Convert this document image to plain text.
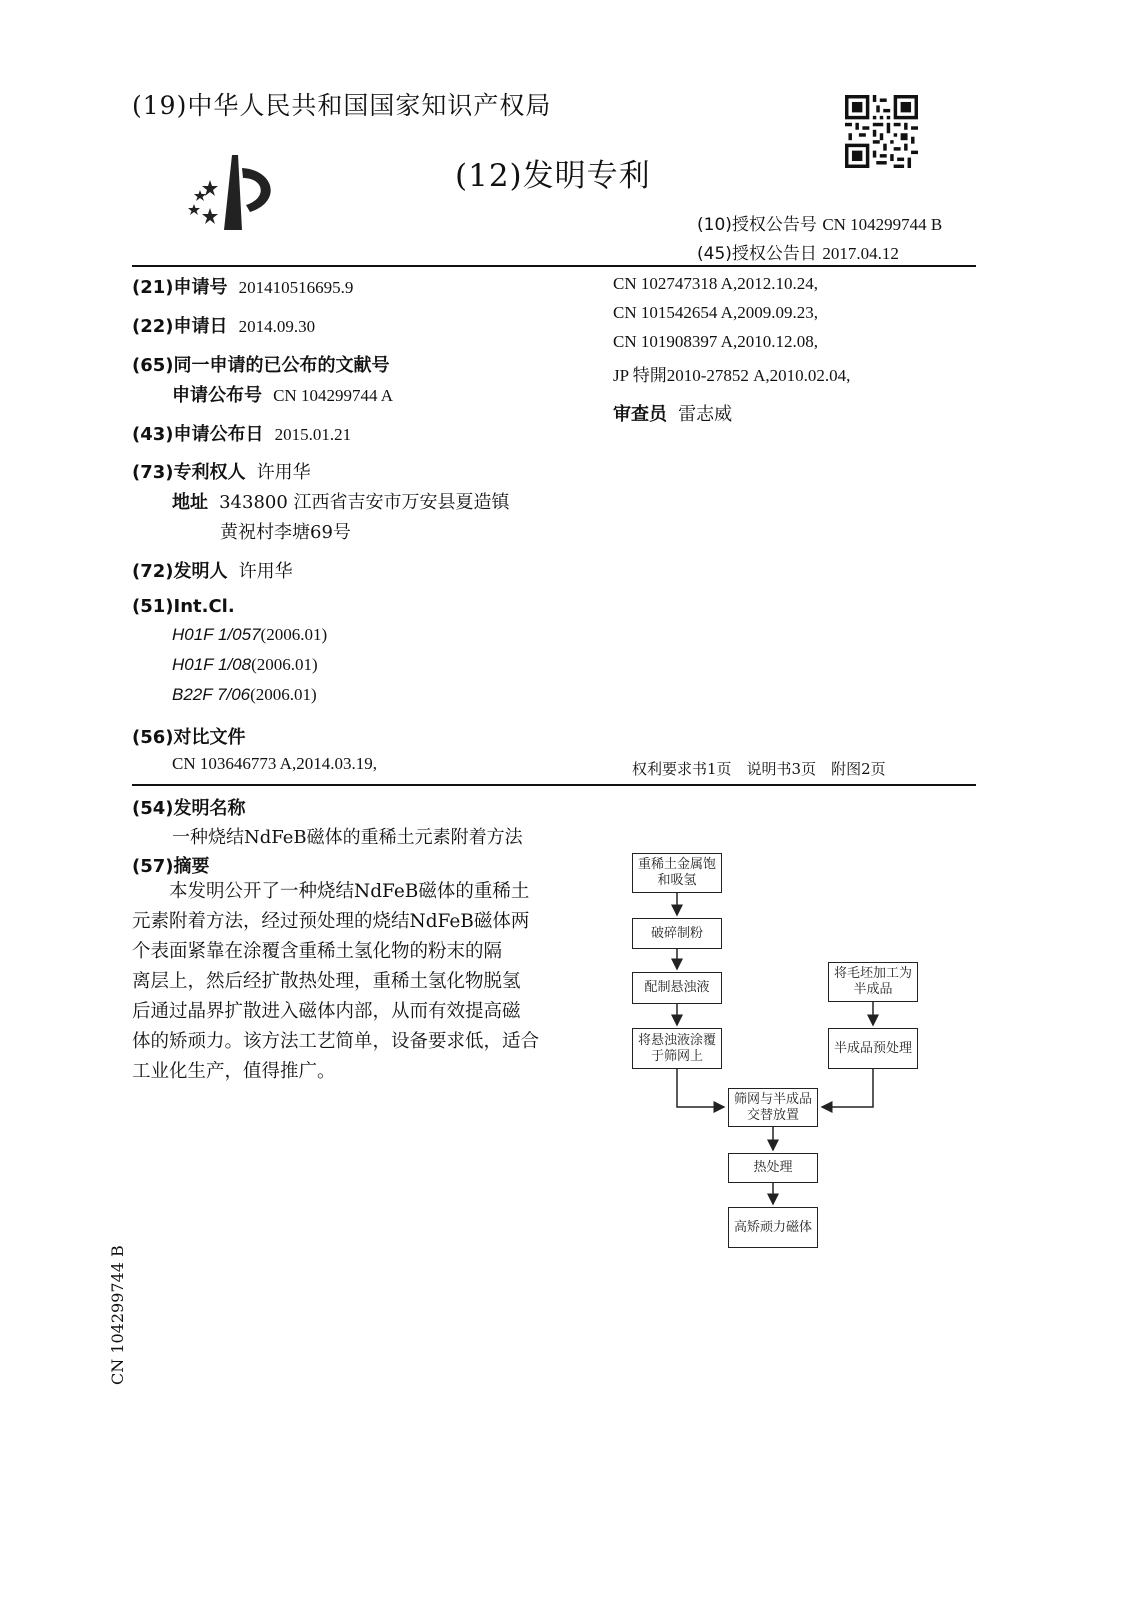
(19)中华人民共和国国家知识产权局
(12)发明专利
(10)授权公告号 CN 104299744 B
(45)授权公告日 2017.04.12
(21)申请号 201410516695.9
(22)申请日 2014.09.30
(65)同一申请的已公布的文献号
申请公布号 CN 104299744 A
(43)申请公布日 2015.01.21
(73)专利权人 许用华
地址 343800 江西省吉安市万安县夏造镇
黄祝村李塘69号
(72)发明人 许用华
(51)Int.Cl.
H01F 1/057(2006.01)
H01F 1/08(2006.01)
B22F 7/06(2006.01)
(56)对比文件
CN 103646773 A,2014.03.19,
CN 102747318 A,2012.10.24,
CN 101542654 A,2009.09.23,
CN 101908397 A,2010.12.08,
JP 特開2010-27852 A,2010.02.04,
审查员 雷志威
权利要求书1页　说明书3页　附图2页
(54)发明名称
一种烧结NdFeB磁体的重稀土元素附着方法
(57)摘要
　　本发明公开了一种烧结NdFeB磁体的重稀土
元素附着方法，经过预处理的烧结NdFeB磁体两
个表面紧靠在涂覆含重稀土氢化物的粉末的隔
离层上，然后经扩散热处理，重稀土氢化物脱氢
后通过晶界扩散进入磁体内部，从而有效提高磁
体的矫顽力。该方法工艺简单，设备要求低，适合
工业化生产，值得推广。
重稀土金属饱和吸氢
破碎制粉
配制悬浊液
将悬浊液涂覆于筛网上
将毛坯加工为半成品
半成品预处理
筛网与半成品交替放置
热处理
高矫顽力磁体
CN 104299744 B
